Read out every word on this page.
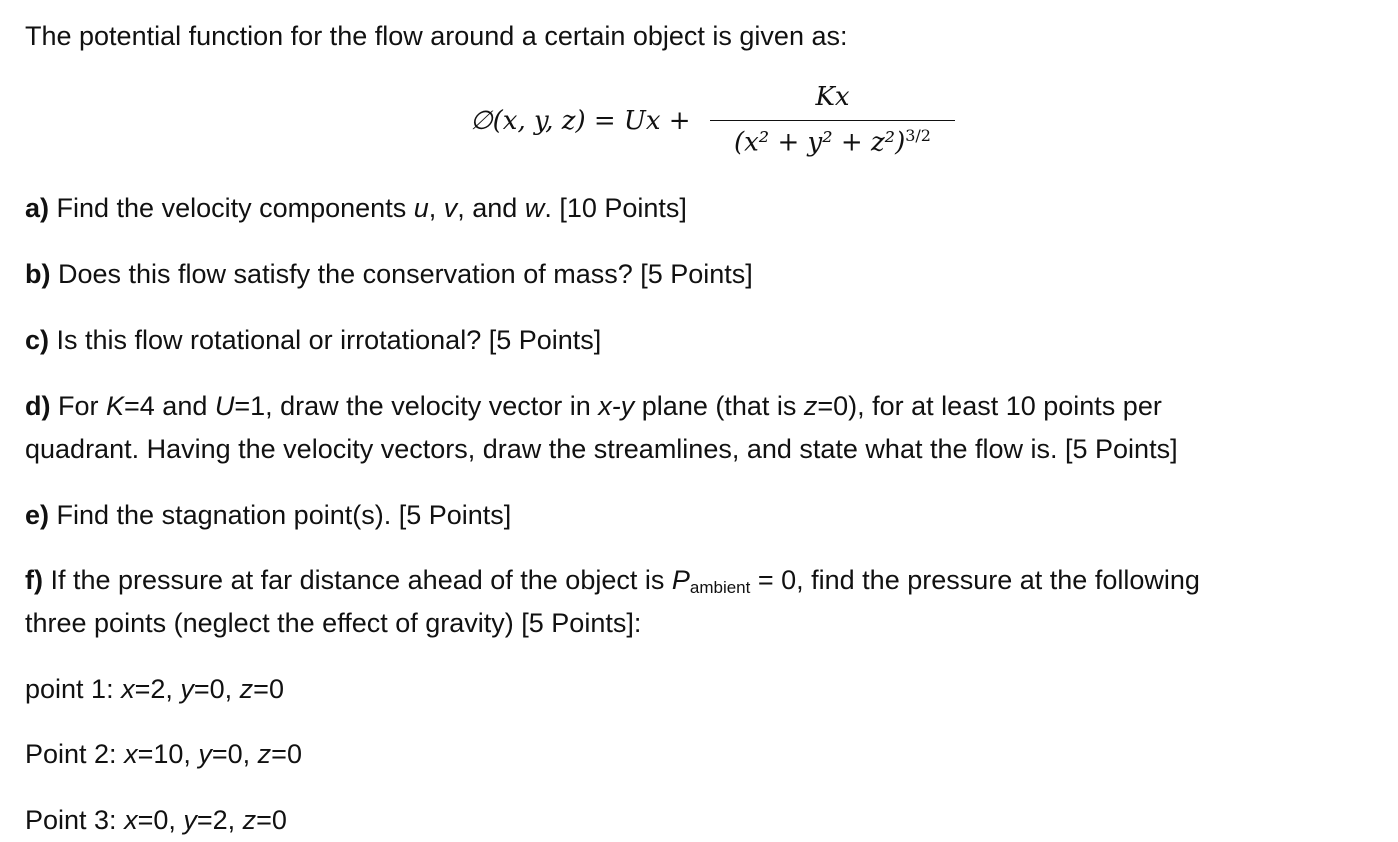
The potential function for the flow around a certain object is given as:
∅(x, y, z) = Ux +
Kx
$(x^2 + y^2 + z^2)^{3/2}$
a) Find the velocity components u, v, and w. [10 Points]
b) Does this flow satisfy the conservation of mass? [5 Points]
c) Is this flow rotational or irrotational? [5 Points]
d) For K=4 and U=1, draw the velocity vector in x-y plane (that is z=0), for at least 10 points per
quadrant. Having the velocity vectors, draw the streamlines, and state what the flow is. [5 Points]
e) Find the stagnation point(s). [5 Points]
f) If the pressure at far distance ahead of the object is Pambient = 0, find the pressure at the following
three points (neglect the effect of gravity) [5 Points]:
point 1: x=2, y=0, z=0
Point 2: x=10, y=0, z=0
Point 3: x=0, y=2, z=0
